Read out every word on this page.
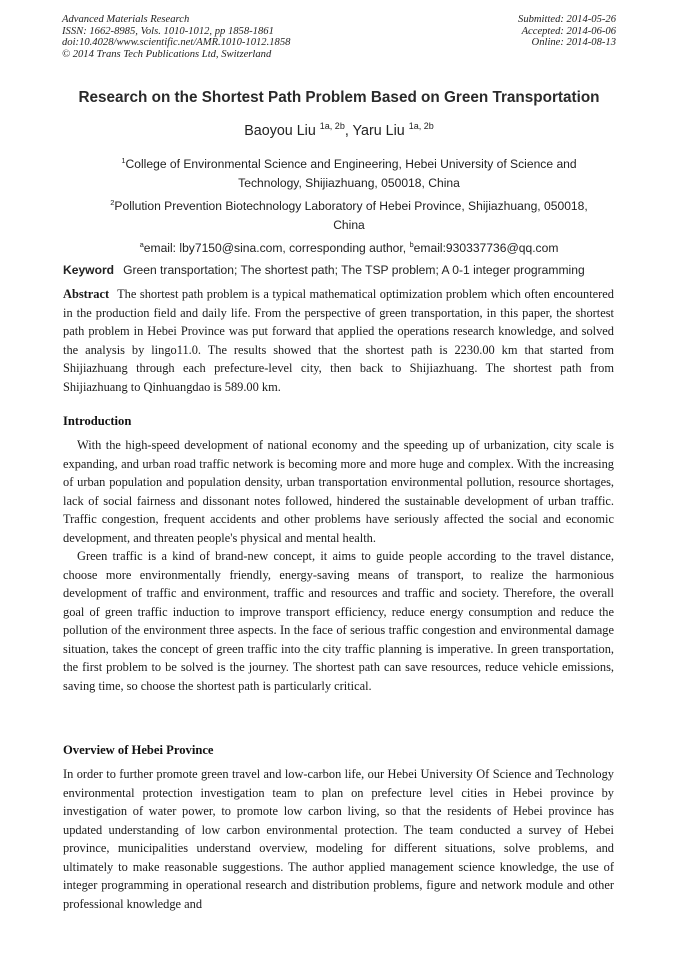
Advanced Materials Research
ISSN: 1662-8985, Vols. 1010-1012, pp 1858-1861
doi:10.4028/www.scientific.net/AMR.1010-1012.1858
© 2014 Trans Tech Publications Ltd, Switzerland
Submitted: 2014-05-26
Accepted: 2014-06-06
Online: 2014-08-13
Research on the Shortest Path Problem Based on Green Transportation
Baoyou Liu $^{1a, 2b}$, Yaru Liu $^{1a, 2b}$
$^1$College of Environmental Science and Engineering, Hebei University of Science and
Technology, Shijiazhuang, 050018, China
$^2$Pollution Prevention Biotechnology Laboratory of Hebei Province, Shijiazhuang, 050018,
China
$^a$email: lby7150@sina.com, corresponding author, $^b$email:930337736@qq.com
Keyword Green transportation; The shortest path; The TSP problem; A 0-1 integer programming
Abstract The shortest path problem is a typical mathematical optimization problem which often encountered in the production field and daily life. From the perspective of green transportation, in this paper, the shortest path problem in Hebei Province was put forward that applied the operations research knowledge, and solved the analysis by lingo11.0. The results showed that the shortest path is 2230.00 km that started from Shijiazhuang through each prefecture-level city, then back to Shijiazhuang. The shortest path from Shijiazhuang to Qinhuangdao is 589.00 km.
Introduction

With the high-speed development of national economy and the speeding up of urbanization, city scale is expanding, and urban road traffic network is becoming more and more huge and complex. With the increasing of urban population and population density, urban transportation environmental pollution, resource shortages, lack of social fairness and dissonant notes followed, hindered the sustainable development of urban traffic. Traffic congestion, frequent accidents and other problems have seriously affected the social and economic development, and threaten people's physical and mental health.

Green traffic is a kind of brand-new concept, it aims to guide people according to the travel distance, choose more environmentally friendly, energy-saving means of transport, to realize the harmonious development of traffic and environment, traffic and resources and traffic and society. Therefore, the overall goal of green traffic induction to improve transport efficiency, reduce energy consumption and reduce the pollution of the environment three aspects. In the face of serious traffic congestion and environmental damage situation, takes the concept of green traffic into the city traffic planning is imperative. In green transportation, the first problem to be solved is the journey. The shortest path can save resources, reduce vehicle emissions, saving time, so choose the shortest path is particularly critical.

Overview of Hebei Province

In order to further promote green travel and low-carbon life, our Hebei University Of Science and Technology environmental protection investigation team to plan on prefecture level cities in Hebei province by investigation of water power, to promote low carbon living, so that the residents of Hebei province has updated understanding of low carbon environmental protection. The team conducted a survey of Hebei province, municipalities understand overview, modeling for different situations, solve problems, and ultimately to make reasonable suggestions. The author applied management science knowledge, the use of integer programming in operational research and distribution problems, figure and network module and other professional knowledge and
